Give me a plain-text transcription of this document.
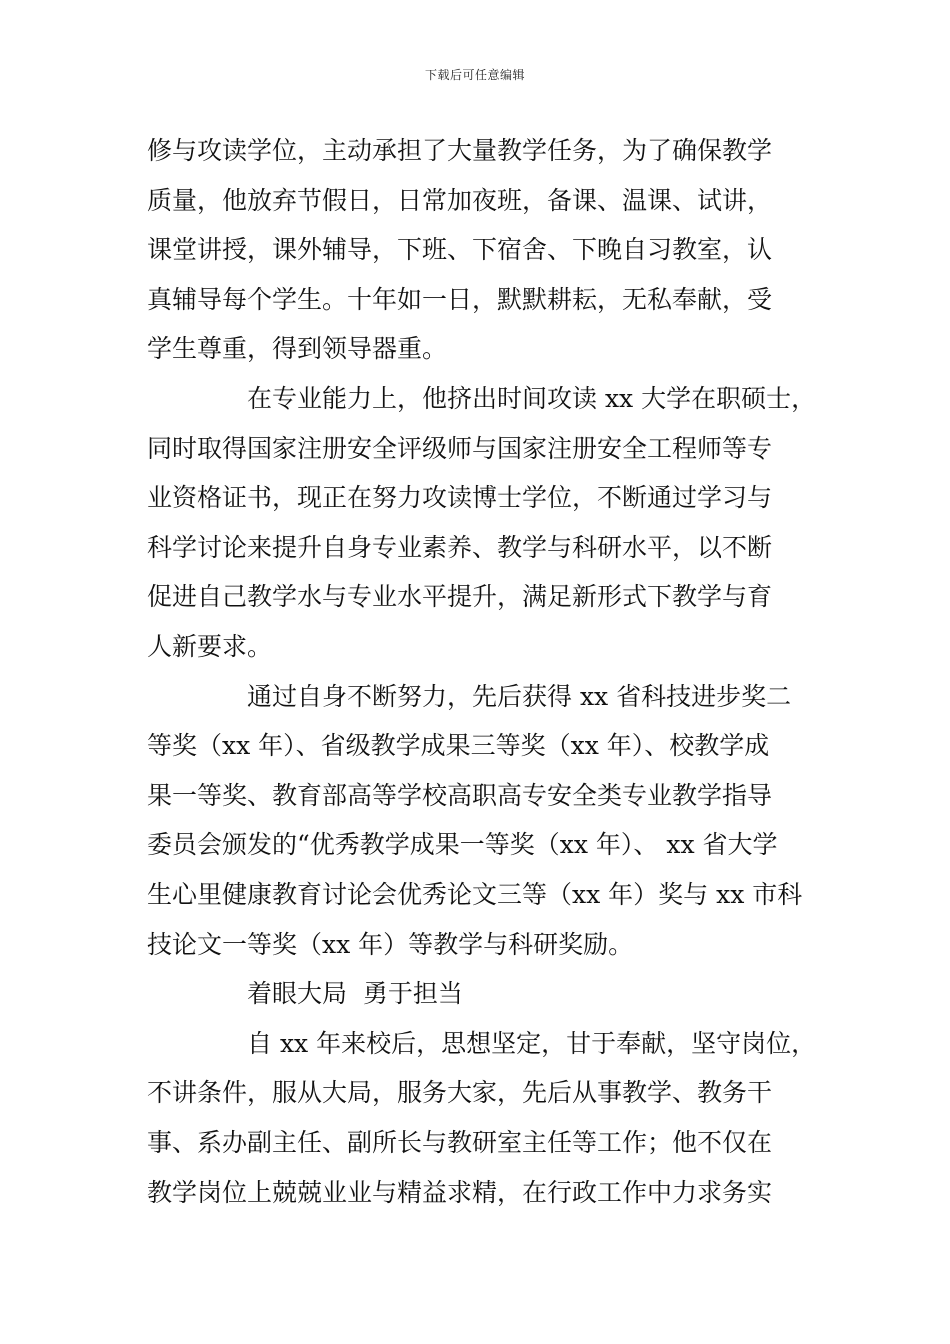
下载后可任意编辑
修与攻读学位，主动承担了大量教学任务，为了确保教学
质量，他放弃节假日，日常加夜班，备课、温课、试讲，
课堂讲授，课外辅导，下班、下宿舍、下晚自习教室，认
真辅导每个学生。十年如一日，默默耕耘，无私奉献，受
学生尊重，得到领导器重。
在专业能力上，他挤出时间攻读 xx 大学在职硕士，
同时取得国家注册安全评级师与国家注册安全工程师等专
业资格证书，现正在努力攻读博士学位，不断通过学习与
科学讨论来提升自身专业素养、教学与科研水平，以不断
促进自己教学水与专业水平提升，满足新形式下教学与育
人新要求。
通过自身不断努力，先后获得 xx 省科技进步奖二
等奖（xx 年）、省级教学成果三等奖（xx 年）、校教学成
果一等奖、教育部高等学校高职高专安全类专业教学指导
委员会颁发的“优秀教学成果一等奖（xx 年）、 xx 省大学
生心里健康教育讨论会优秀论文三等（xx 年）奖与 xx 市科
技论文一等奖（xx 年）等教学与科研奖励。
着眼大局  勇于担当
自 xx 年来校后，思想坚定，甘于奉献，坚守岗位，
不讲条件，服从大局，服务大家，先后从事教学、教务干
事、系办副主任、副所长与教研室主任等工作；他不仅在
教学岗位上兢兢业业与精益求精，在行政工作中力求务实
